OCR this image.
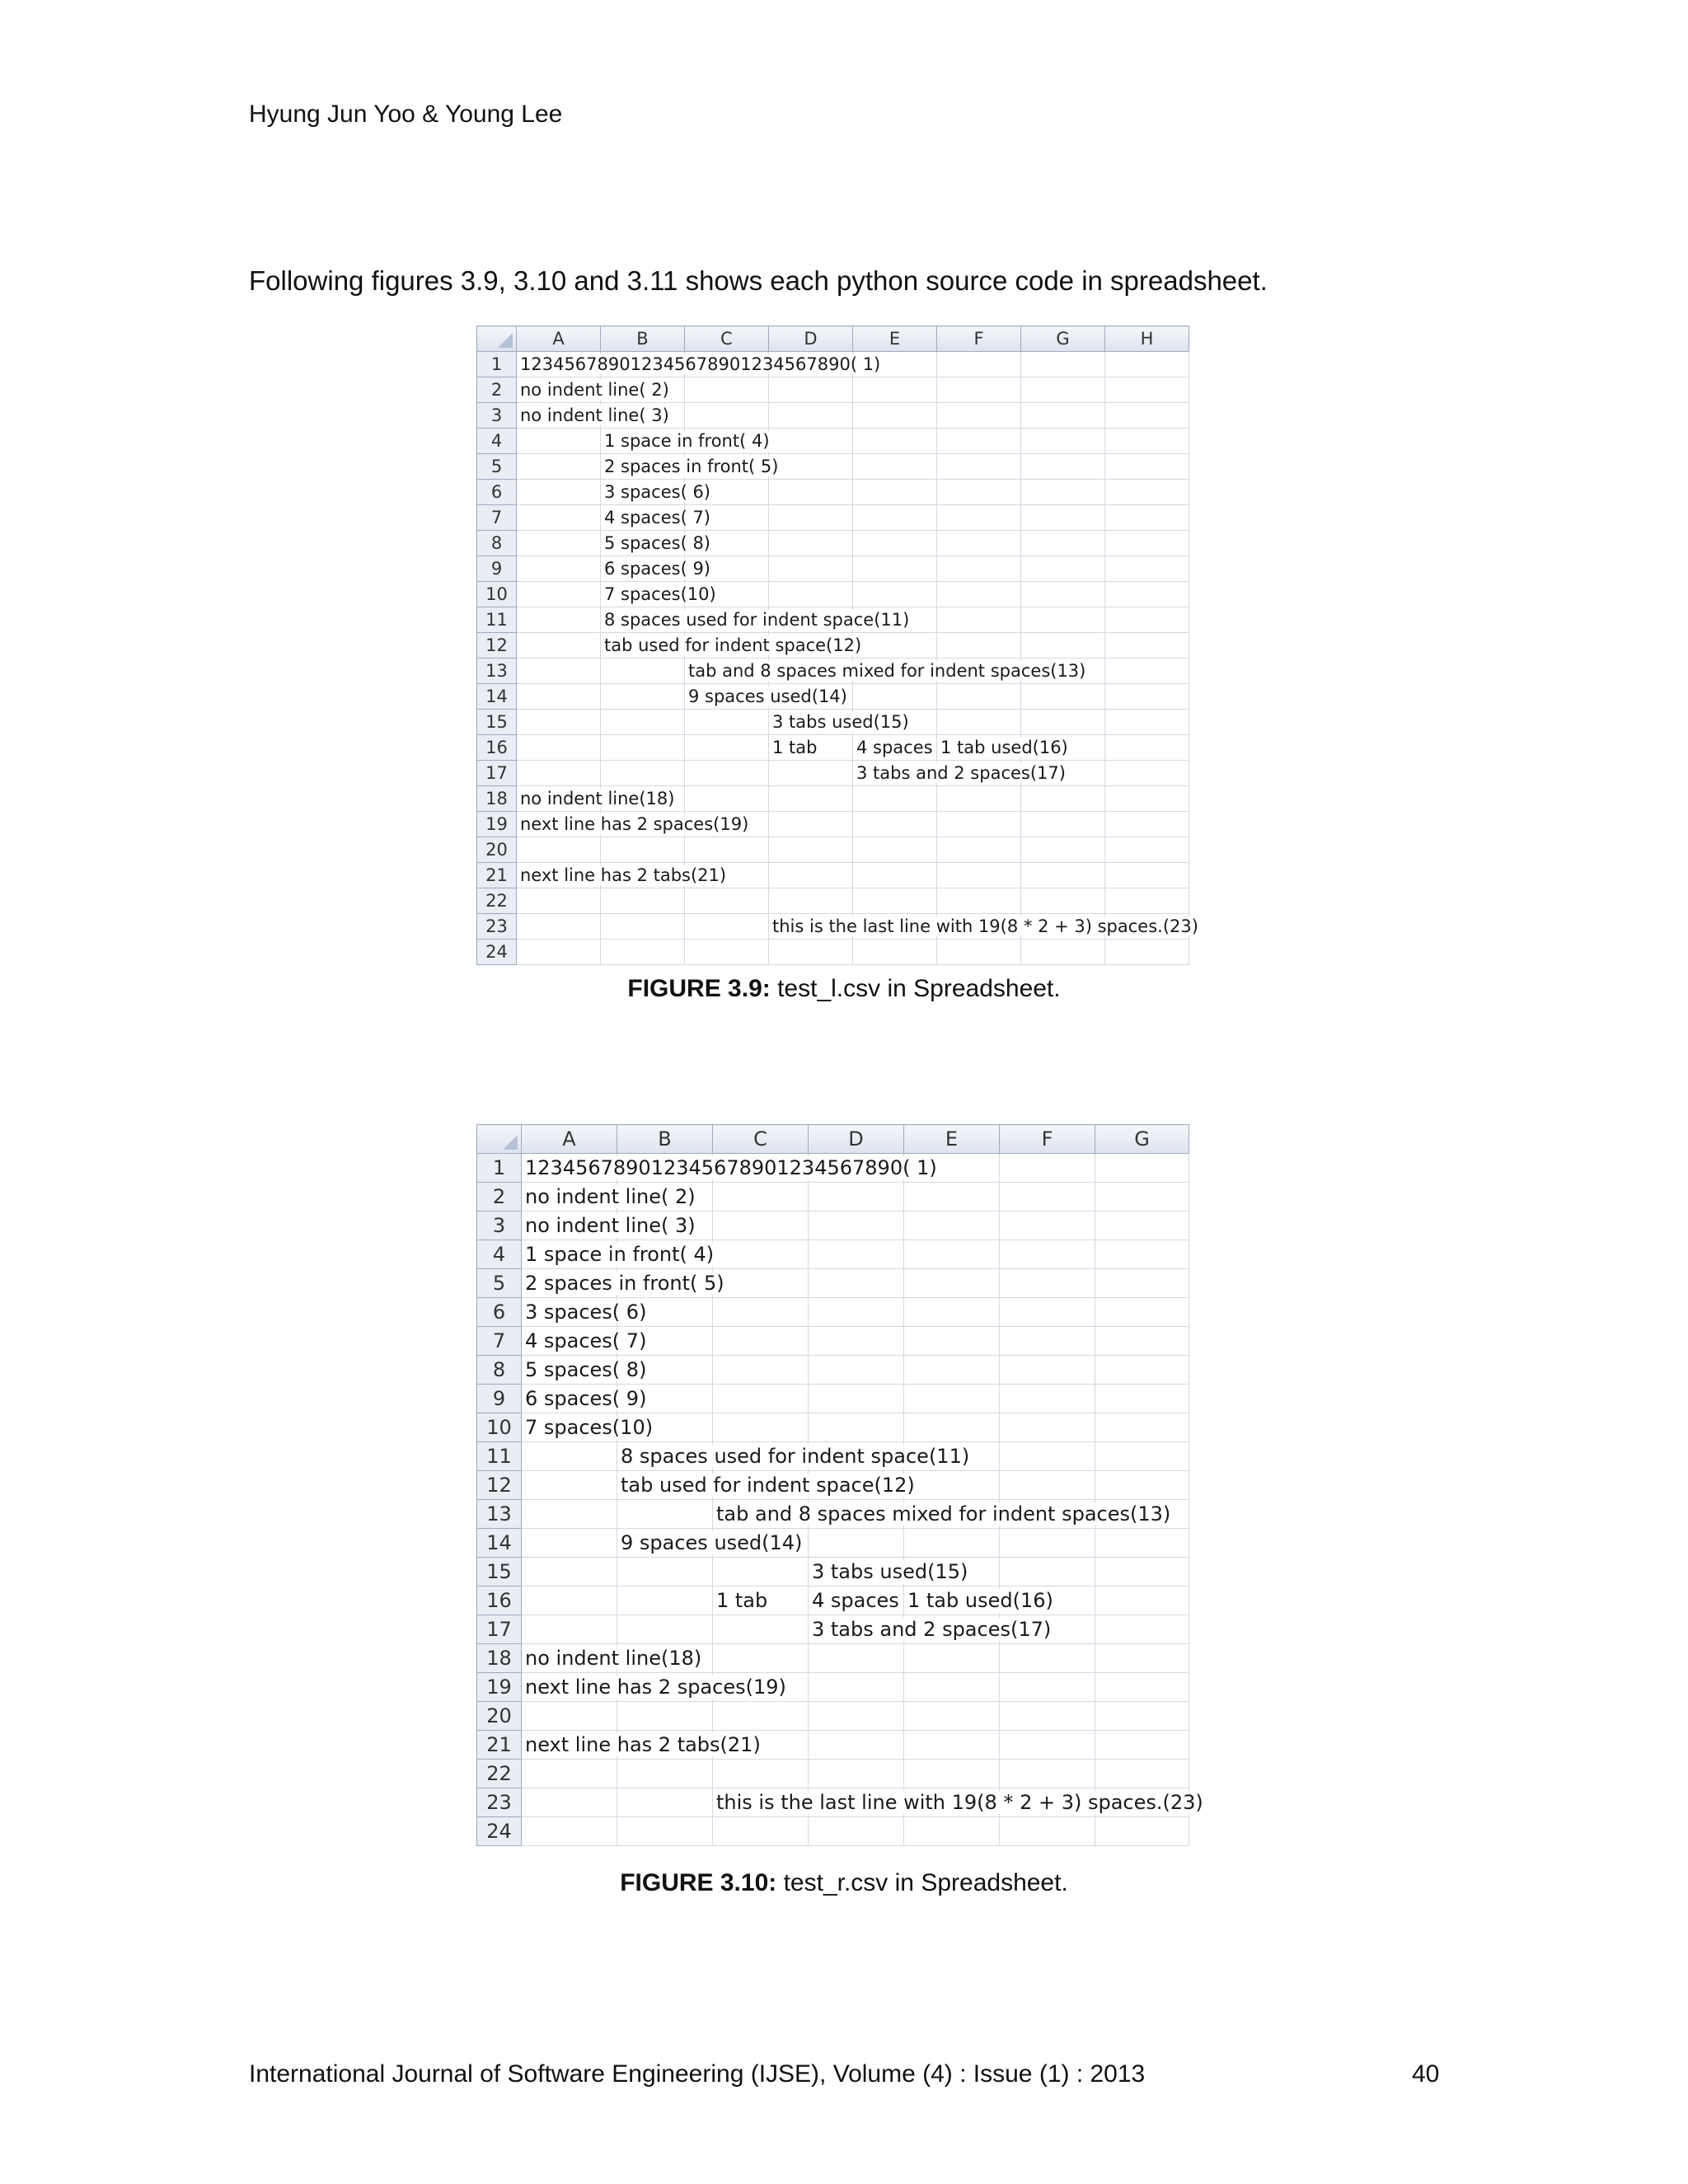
Hyung Jun Yoo & Young Lee
Following figures 3.9, 3.10 and 3.11 shows each python source code in spreadsheet.
	A	B	C	D	E	F	G	H
1	12345678901234567890123456789​0( 1)							
2	no indent line( 2)							
3	no indent line( 3)							
4		1 space in front( 4)						
5		2 spaces in front( 5)						
6		3 spaces( 6)						
7		4 spaces( 7)						
8		5 spaces( 8)						
9		6 spaces( 9)						
10		7 spaces(10)						
11		8 spaces used for indent space(11)						
12		tab used for indent space(12)						
13			tab and 8 spaces mixed for indent spaces(13)					
14			9 spaces used(14)					
15				3 tabs used(15)				
16				1 tab	4 spaces	1 tab used(16)		
17					3 tabs and 2 spaces(17)			
18	no indent line(18)							
19	next line has 2 spaces(19)							
20								
21	next line has 2 tabs(21)							
22								
23				this is the last line with 19(8 * 2 + 3) spaces.(23)				
24								
FIGURE 3.9: test_l.csv in Spreadsheet.
	A	B	C	D	E	F	G
1	12345678901234567890123456789​0( 1)						
2	no indent line( 2)						
3	no indent line( 3)						
4	1 space in front( 4)						
5	2 spaces in front( 5)						
6	3 spaces( 6)						
7	4 spaces( 7)						
8	5 spaces( 8)						
9	6 spaces( 9)						
10	7 spaces(10)						
11		8 spaces used for indent space(11)					
12		tab used for indent space(12)					
13			tab and 8 spaces mixed for indent spaces(13)				
14		9 spaces used(14)					
15				3 tabs used(15)			
16			1 tab	4 spaces	1 tab used(16)		
17				3 tabs and 2 spaces(17)			
18	no indent line(18)						
19	next line has 2 spaces(19)						
20							
21	next line has 2 tabs(21)						
22							
23			this is the last line with 19(8 * 2 + 3) spaces.(23)				
24							
FIGURE 3.10: test_r.csv in Spreadsheet.
International Journal of Software Engineering (IJSE), Volume (4) : Issue (1) : 2013	40
